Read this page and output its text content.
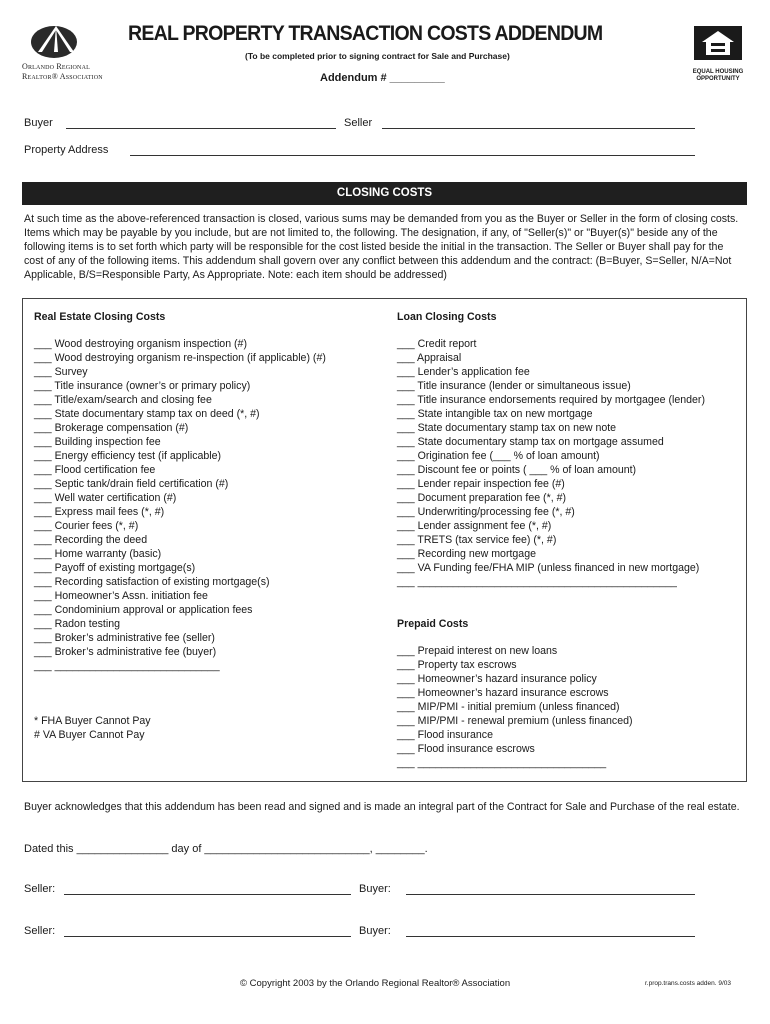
Orlando Regional
Realtor® Association
REAL PROPERTY TRANSACTION COSTS ADDENDUM
(To be completed prior to signing contract for Sale and Purchase)
Addendum # _________	EQUAL HOUSING
OPPORTUNITY
Buyer	Seller
Property Address
CLOSING COSTS
At such time as the above-referenced transaction is closed, various sums may be demanded from you as the Buyer or Seller in the form of closing costs. Items which may be payable by you include, but are not limited to, the following. The designation, if any, of "Seller(s)" or "Buyer(s)" beside any of the following items is to set forth which party will be responsible for the cost listed beside the initial in the transaction. The Seller or Buyer shall pay for the cost of any of the following items. This addendum shall govern over any conflict between this addendum and the contract: (B=Buyer, S=Seller, N/A=Not Applicable, B/S=Responsible Party, As Appropriate. Note: each item should be addressed)
Real Estate Closing Costs
___ Wood destroying organism inspection (#)
___ Wood destroying organism re-inspection (if applicable) (#)
___ Survey
___ Title insurance (owner’s or primary policy)
___ Title/exam/search and closing fee
___ State documentary stamp tax on deed (*, #)
___ Brokerage compensation (#)
___ Building inspection fee
___ Energy efficiency test (if applicable)
___ Flood certification fee
___ Septic tank/drain field certification (#)
___ Well water certification (#)
___ Express mail fees (*, #)
___ Courier fees (*, #)
___ Recording the deed
___ Home warranty (basic)
___ Payoff of existing mortgage(s)
___ Recording satisfaction of existing mortgage(s)
___ Homeowner’s Assn. initiation fee
___ Condominium approval or application fees
___ Radon testing
___ Broker’s administrative fee (seller)
___ Broker’s administrative fee (buyer)
___ ____________________________
* FHA Buyer Cannot Pay
# VA Buyer Cannot Pay
Loan Closing Costs
___ Credit report
___ Appraisal
___ Lender’s application fee
___ Title insurance (lender or simultaneous issue)
___ Title insurance endorsements required by mortgagee (lender)
___ State intangible tax on new mortgage
___ State documentary stamp tax on new note
___ State documentary stamp tax on mortgage assumed
___ Origination fee (___ % of loan amount)
___ Discount fee or points ( ___ % of loan amount)
___ Lender repair inspection fee (#)
___ Document preparation fee (*, #)
___ Underwriting/processing fee (*, #)
___ Lender assignment fee (*, #)
___ TRETS (tax service fee) (*, #)
___ Recording new mortgage
___ VA Funding fee/FHA MIP (unless financed in new mortgage)
___ ____________________________________________
Prepaid Costs
___ Prepaid interest on new loans
___ Property tax escrows
___ Homeowner’s hazard insurance policy
___ Homeowner’s hazard insurance escrows
___ MIP/PMI - initial premium (unless financed)
___ MIP/PMI - renewal premium (unless financed)
___ Flood insurance
___ Flood insurance escrows
___ ________________________________
Buyer acknowledges that this addendum has been read and signed and is made an integral part of the Contract for Sale and Purchase of the real estate.
Dated this _______________ day of ___________________________, ________.
Seller:	Buyer:
Seller:	Buyer:
© Copyright 2003 by the Orlando Regional Realtor® Association	r.prop.trans.costs adden. 9/03
